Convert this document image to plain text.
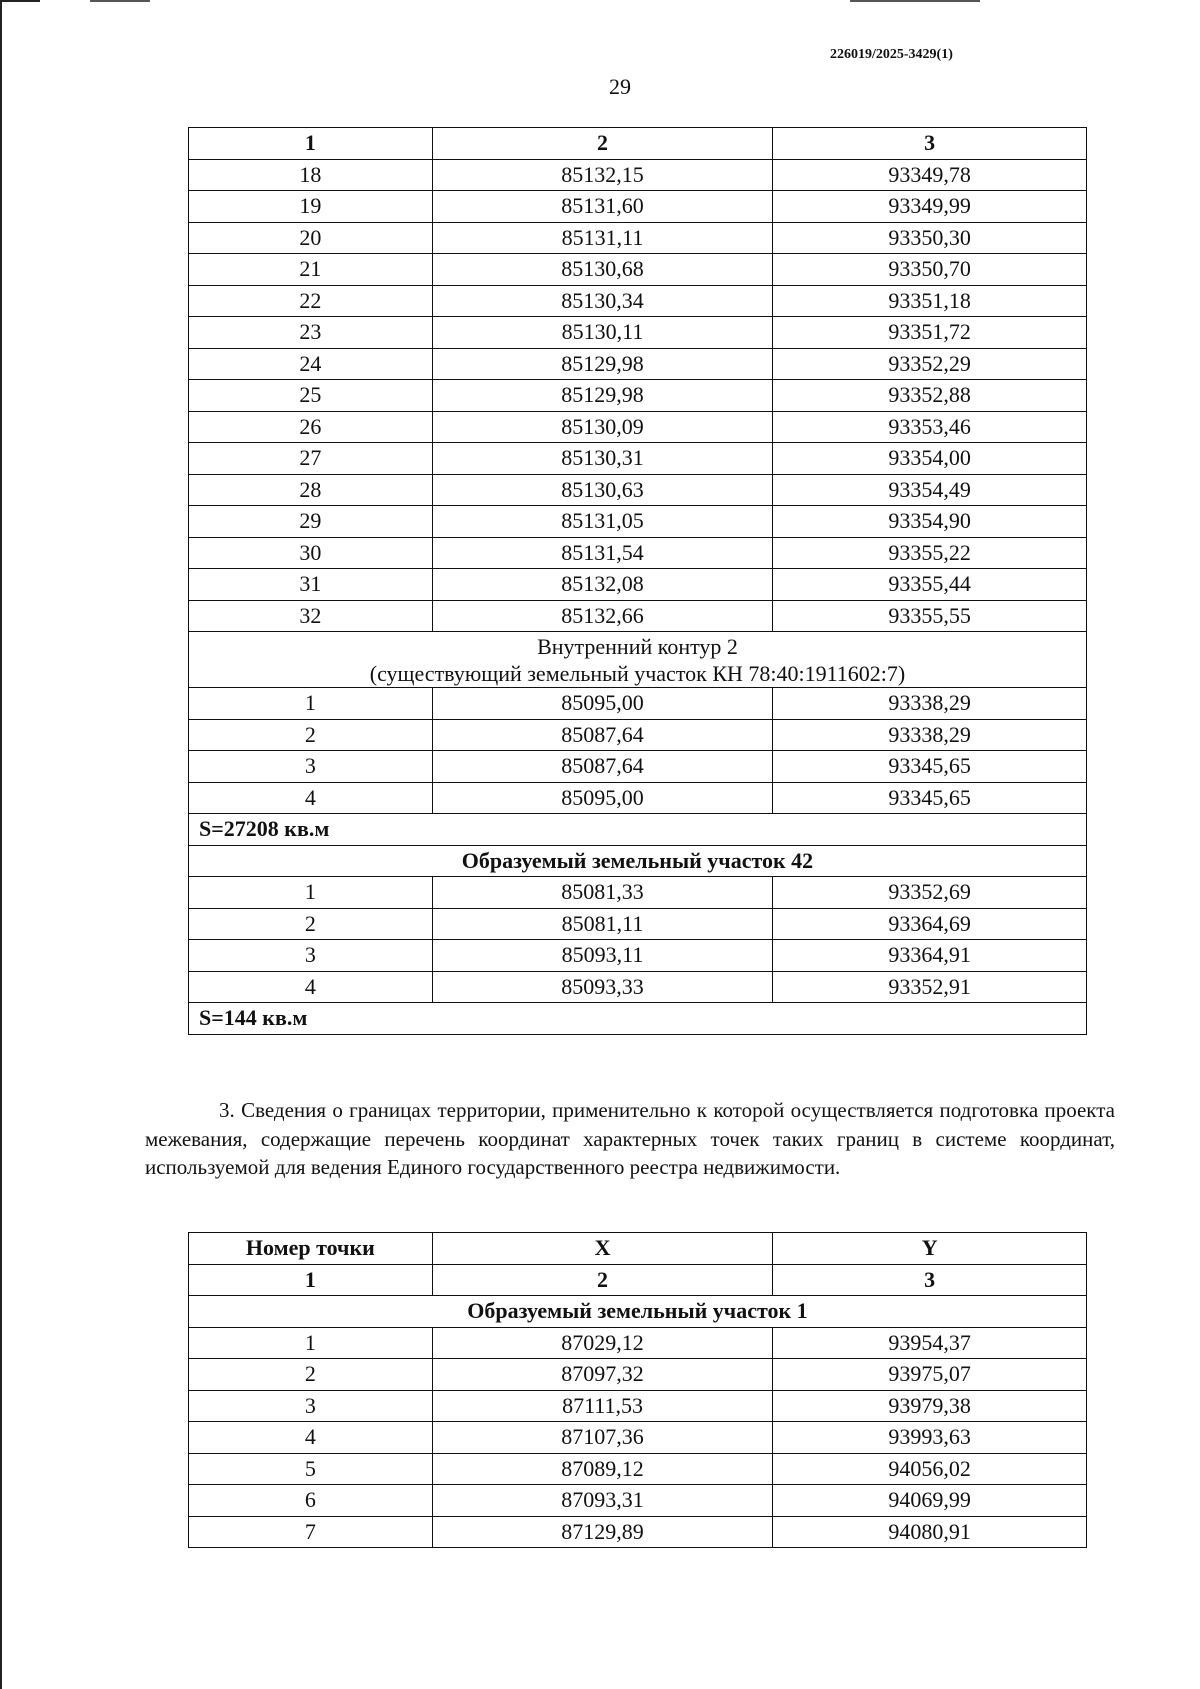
226019/2025-3429(1)
29
1	2	3
18	85132,15	93349,78
19	85131,60	93349,99
20	85131,11	93350,30
21	85130,68	93350,70
22	85130,34	93351,18
23	85130,11	93351,72
24	85129,98	93352,29
25	85129,98	93352,88
26	85130,09	93353,46
27	85130,31	93354,00
28	85130,63	93354,49
29	85131,05	93354,90
30	85131,54	93355,22
31	85132,08	93355,44
32	85132,66	93355,55
Внутренний контур 2
(существующий земельный участок КН 78:40:1911602:7)		
1	85095,00	93338,29
2	85087,64	93338,29
3	85087,64	93345,65
4	85095,00	93345,65
S=27208 кв.м		
Образуемый земельный участок 42		
1	85081,33	93352,69
2	85081,11	93364,69
3	85093,11	93364,91
4	85093,33	93352,91
S=144 кв.м		
3. Сведения о границах территории, применительно к которой осуществляется подготовка проекта межевания, содержащие перечень координат характерных точек таких границ в системе координат, используемой для ведения Единого государственного реестра недвижимости.
Номер точки	X	Y
1	2	3
Образуемый земельный участок 1		
1	87029,12	93954,37
2	87097,32	93975,07
3	87111,53	93979,38
4	87107,36	93993,63
5	87089,12	94056,02
6	87093,31	94069,99
7	87129,89	94080,91
